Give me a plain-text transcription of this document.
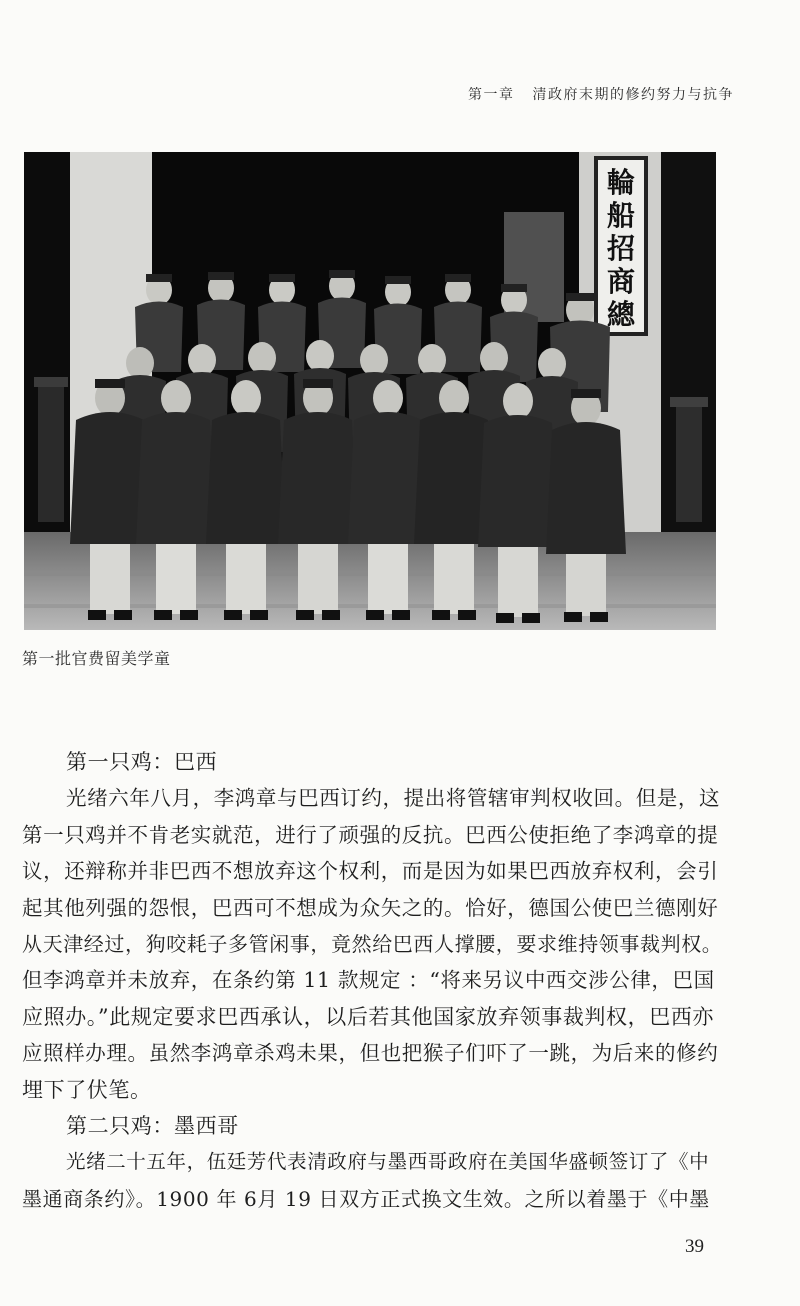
第一章 清政府末期的修约努力与抗争
輪
船
招
商
總
第一批官费留美学童
第一只鸡：巴西
光绪六年八月，李鸿章与巴西订约，提出将管辖审判权收回。但是，这
第一只鸡并不肯老实就范，进行了顽强的反抗。巴西公使拒绝了李鸿章的提
议，还辩称并非巴西不想放弃这个权利，而是因为如果巴西放弃权利，会引
起其他列强的怨恨，巴西可不想成为众矢之的。恰好，德国公使巴兰德刚好
从天津经过，狗咬耗子多管闲事，竟然给巴西人撑腰，要求维持领事裁判权。
但李鸿章并未放弃，在条约第 11 款规定 ：“将来另议中西交涉公律，巴国
应照办。”此规定要求巴西承认，以后若其他国家放弃领事裁判权，巴西亦
应照样办理。虽然李鸿章杀鸡未果，但也把猴子们吓了一跳，为后来的修约
埋下了伏笔。
第二只鸡：墨西哥
光绪二十五年，伍廷芳代表清政府与墨西哥政府在美国华盛顿签订了《中
墨通商条约》。1900 年 6月 19 日双方正式换文生效。之所以着墨于《中墨
39
